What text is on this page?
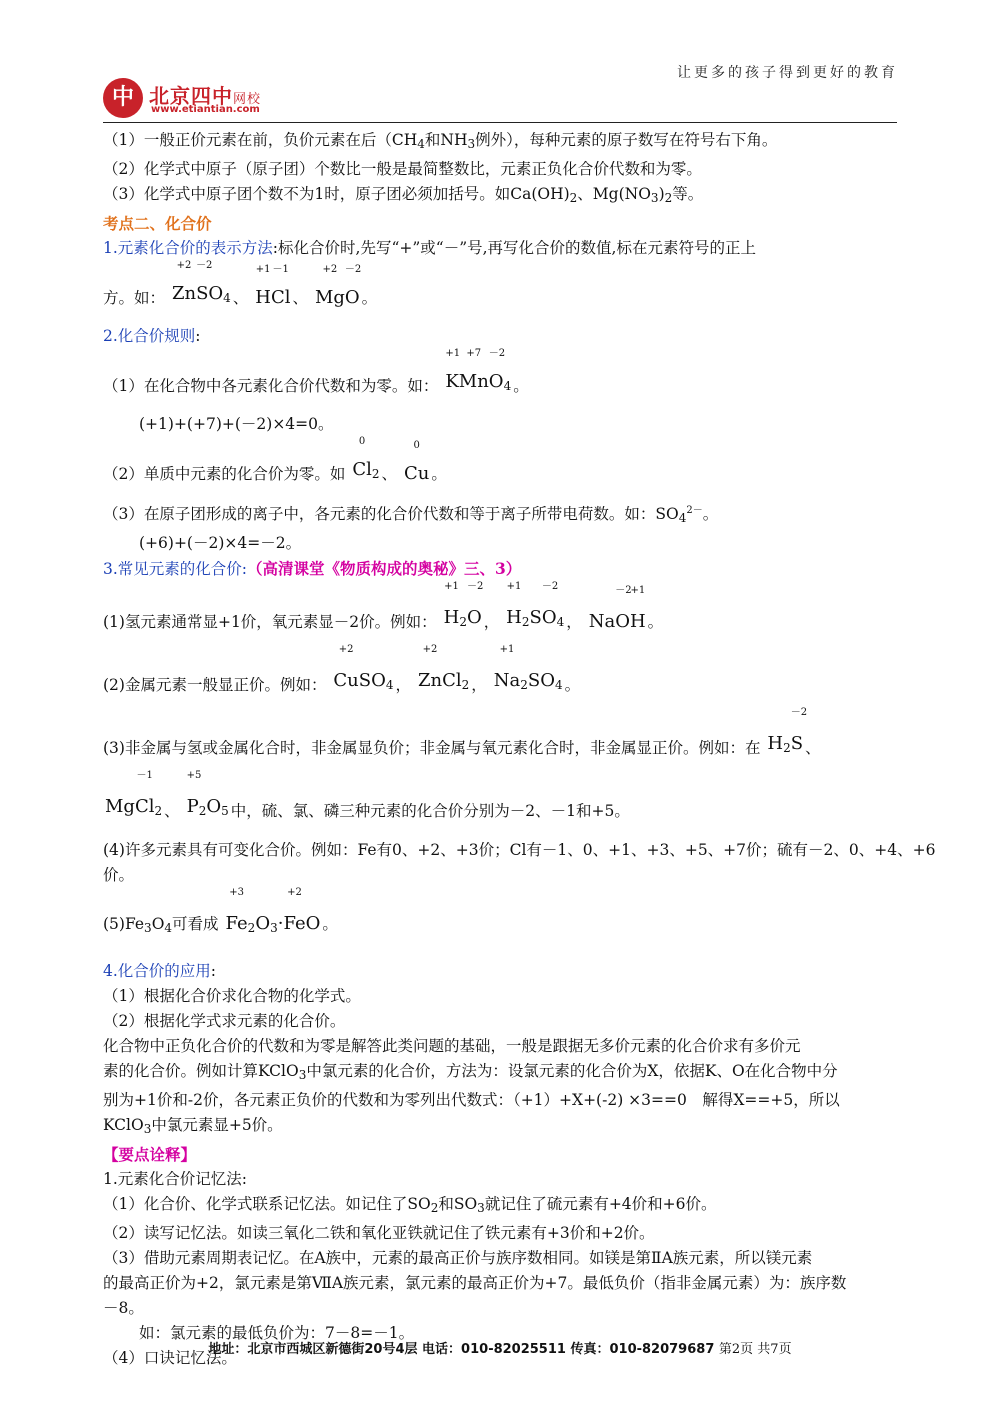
中 北京四中网校
www.etiantian.com
让更多的孩子得到更好的教育
（1）一般正价元素在前，负价元素在后（$CH_4$和$NH_3$例外），每种元素的原子数写在符号右下角。
（2）化学式中原子（原子团）个数比一般是最简整数比，元素正负化合价代数和为零。
（3）化学式中原子团个数不为1时，原子团必须加括号。如$Ca(OH)_2$、$Mg(NO_3)_2$等。
考点二、化合价
1.元素化合价的表示方法:标化合价时,先写“+”或“－”号,再写化合价的数值,标在元素符号的正上
方。如：
+2
Zn
－2
$SO_4$ 、
+1
H
－1
Cl 、
+2
Mg
－2
O 。
2.化合价规则:
（1）在化合物中各元素化合价代数和为零。如：
+1
K
+7
Mn
－2
$O_4$ 。
(+1)+(+7)+(－2)×4=0。
（2）单质中元素的化合价为零。如
0
$Cl_2$ 、
0
Cu 。
（3）在原子团形成的离子中，各元素的化合价代数和等于离子所带电荷数。如：$SO_4^{2-}$。
(+6)+(－2)×4=－2。
3.常见元素的化合价:（高清课堂《物质构成的奥秘》三、3）
(1)氢元素通常显+1价，氧元素显－2价。例如：
+1
$H_2$
－2
O ，
+1
$H_2S$
－2
$O_4$ ， Na
－2
O
+1
H 。
(2)金属元素一般显正价。例如：
+2
CuSO$_4$ ，
+2
ZnCl$_2$ ，
+1
$Na_2SO_4$ 。
(3)非金属与氢或金属化合时，非金属显负价；非金属与氧元素化合时，非金属显正价。例如：在 $H_2$
－2
S 、
Mg
－1
$Cl_2$ 、
+5
$P_2O_5$ 中，硫、氯、磷三种元素的化合价分别为－2、－1和+5。
(4)许多元素具有可变化合价。例如：Fe有0、+2、+3价；Cl有－1、0、+1、+3、+5、+7价；硫有－2、0、+4、+6
价。
$(5)Fe_3O_4$可看成
+3
$Fe_2O_3\cdot$
+2
FeO 。
4.化合价的应用:
（1）根据化合价求化合物的化学式。
（2）根据化学式求元素的化合价。
化合物中正负化合价的代数和为零是解答此类问题的基础，一般是跟据无多价元素的化合价求有多价元
素的化合价。例如计算KClO$_3$中氯元素的化合价，方法为：设氯元素的化合价为X，依据K、O在化合物中分
别为+1价和-2价，各元素正负价的代数和为零列出代数式：（+1）+X+(-2) ×3==0　解得X==+5，所以
KClO$_3$中氯元素显+5价。
【要点诠释】
1.元素化合价记忆法:
（1）化合价、化学式联系记忆法。如记住了$SO_2$和$SO_3$就记住了硫元素有+4价和+6价。
（2）读写记忆法。如读三氧化二铁和氧化亚铁就记住了铁元素有+3价和+2价。
（3）借助元素周期表记忆。在A族中，元素的最高正价与族序数相同。如镁是第ⅡA族元素，所以镁元素
的最高正价为+2，氯元素是第ⅦA族元素，氯元素的最高正价为+7。最低负价（指非金属元素）为：族序数
－8。
如：氯元素的最低负价为：7－8=－1。
（4）口诀记忆法。
地址：北京市西城区新德街20号4层 电话：010-82025511 传真：010-82079687 第2页 共7页
